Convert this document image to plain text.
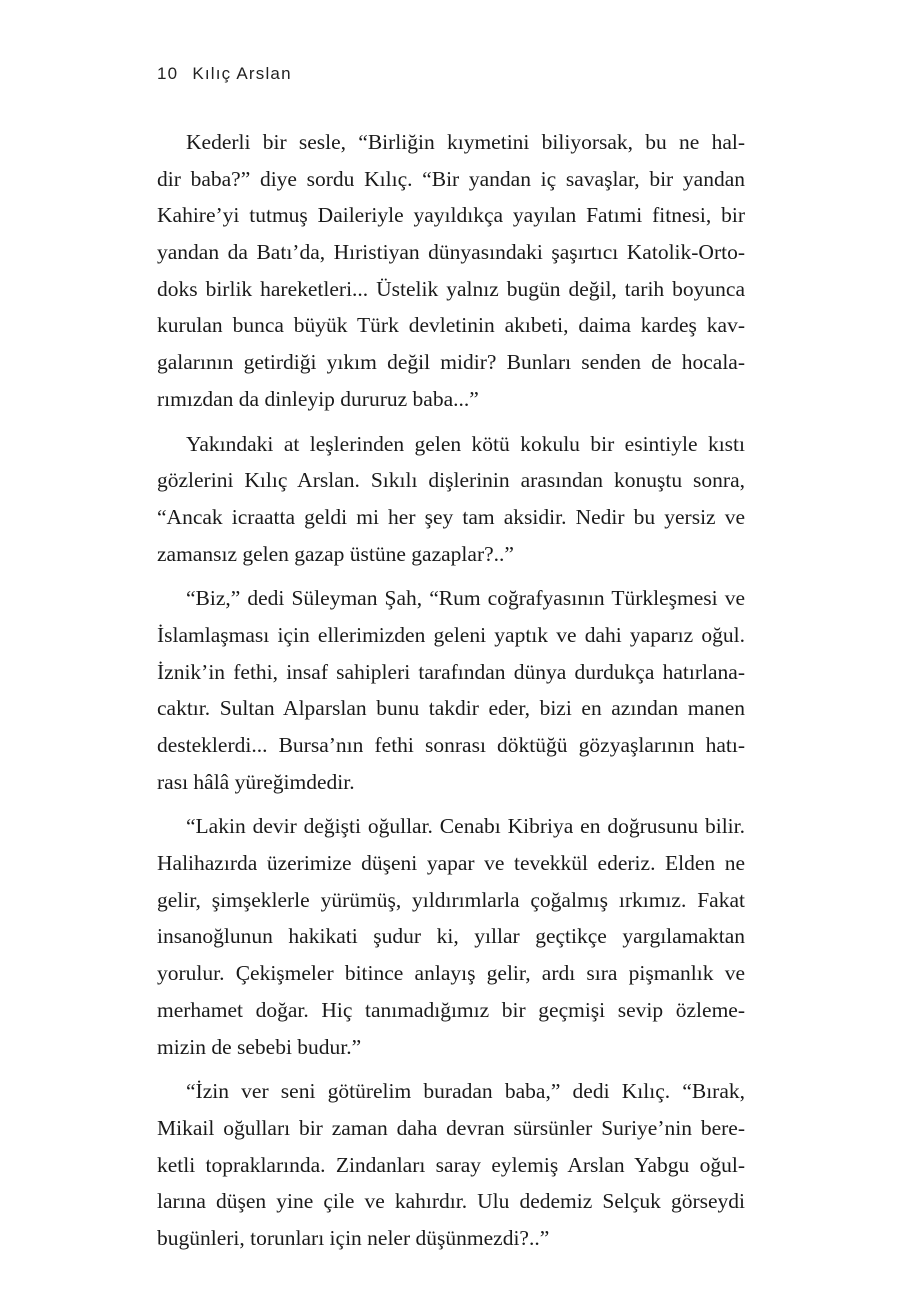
10 Kılıç Arslan
Kederli bir sesle, “Birliğin kıymetini biliyorsak, bu ne hal-
dir baba?” diye sordu Kılıç. “Bir yandan iç savaşlar, bir yandan
Kahire’yi tutmuş Daileriyle yayıldıkça yayılan Fatımi fitnesi, bir
yandan da Batı’da, Hıristiyan dünyasındaki şaşırtıcı Katolik-Orto-
doks birlik hareketleri... Üstelik yalnız bugün değil, tarih boyunca
kurulan bunca büyük Türk devletinin akıbeti, daima kardeş kav-
galarının getirdiği yıkım değil midir? Bunları senden de hocala-
rımızdan da dinleyip dururuz baba...”
Yakındaki at leşlerinden gelen kötü kokulu bir esintiyle kıstı
gözlerini Kılıç Arslan. Sıkılı dişlerinin arasından konuştu sonra,
“Ancak icraatta geldi mi her şey tam aksidir. Nedir bu yersiz ve
zamansız gelen gazap üstüne gazaplar?..”
“Biz,” dedi Süleyman Şah, “Rum coğrafyasının Türkleşmesi ve
İslamlaşması için ellerimizden geleni yaptık ve dahi yaparız oğul.
İznik’in fethi, insaf sahipleri tarafından dünya durdukça hatırlana-
caktır. Sultan Alparslan bunu takdir eder, bizi en azından manen
desteklerdi... Bursa’nın fethi sonrası döktüğü gözyaşlarının hatı-
rası hâlâ yüreğimdedir.
“Lakin devir değişti oğullar. Cenabı Kibriya en doğrusunu bilir.
Halihazırda üzerimize düşeni yapar ve tevekkül ederiz. Elden ne
gelir, şimşeklerle yürümüş, yıldırımlarla çoğalmış ırkımız. Fakat
insanoğlunun hakikati şudur ki, yıllar geçtikçe yargılamaktan
yorulur. Çekişmeler bitince anlayış gelir, ardı sıra pişmanlık ve
merhamet doğar. Hiç tanımadığımız bir geçmişi sevip özleme-
mizin de sebebi budur.”
“İzin ver seni götürelim buradan baba,” dedi Kılıç. “Bırak,
Mikail oğulları bir zaman daha devran sürsünler Suriye’nin bere-
ketli topraklarında. Zindanları saray eylemiş Arslan Yabgu oğul-
larına düşen yine çile ve kahırdır. Ulu dedemiz Selçuk görseydi
bugünleri, torunları için neler düşünmezdi?..”
